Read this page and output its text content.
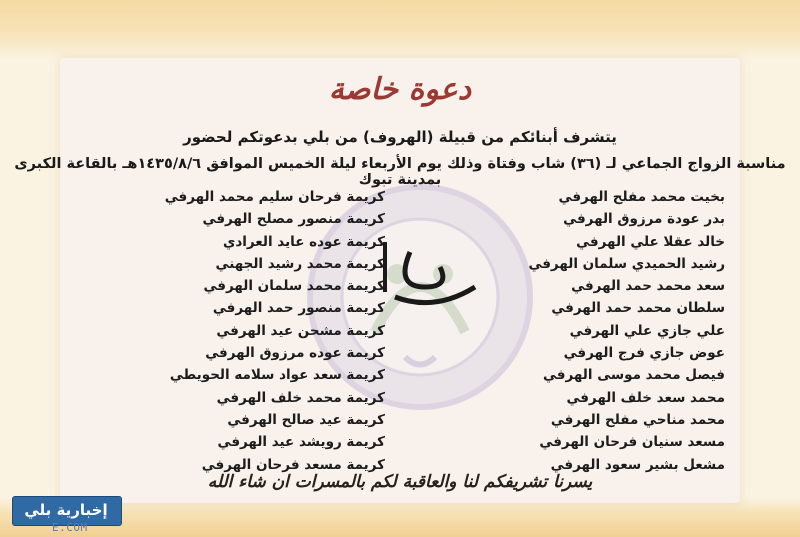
دعوة خاصة
يتشرف أبنائكم من قبيلة (الهروف) من بلي بدعوتكم لحضور
مناسبة الزواج الجماعي لـ (٣٦) شاب وفتاة وذلك يوم الأربعاء ليلة الخميس الموافق ١٤٣٥/٨/٦هـ بالقاعة الكبرى بمدينة تبوك
بخيت محمد مفلح الهرفي
بدر عودة مرزوق الهرفي
خالد عقلا علي الهرفي
رشيد الحميدي سلمان الهرفي
سعد محمد حمد الهرفي
سلطان محمد حمد الهرفي
علي جازي علي الهرفي
عوض جازي فرج الهرفي
فيصل محمد موسى الهرفي
محمد سعد خلف الهرفي
محمد مناحي مفلح الهرفي
مسعد سنيان فرحان الهرفي
مشعل بشير سعود الهرفي
كريمة فرحان سليم محمد الهرفي
كريمة منصور مصلح الهرفي
كريمة عوده عايد العرادي
كريمة محمد رشيد الجهني
كريمة محمد سلمان الهرفي
كريمة منصور حمد الهرفي
كريمة مشحن عيد الهرفي
كريمة عوده مرزوق الهرفي
كريمة سعد عواد سلامه الحويطي
كريمة محمد خلف الهرفي
كريمة عيد صالح الهرفي
كريمة رويشد عيد الهرفي
كريمة مسعد فرحان الهرفي
علي
يسرنا تشريفكم لنا والعاقبة لكم بالمسرات ان شاء الله
إخبارية بلي
E.COM
